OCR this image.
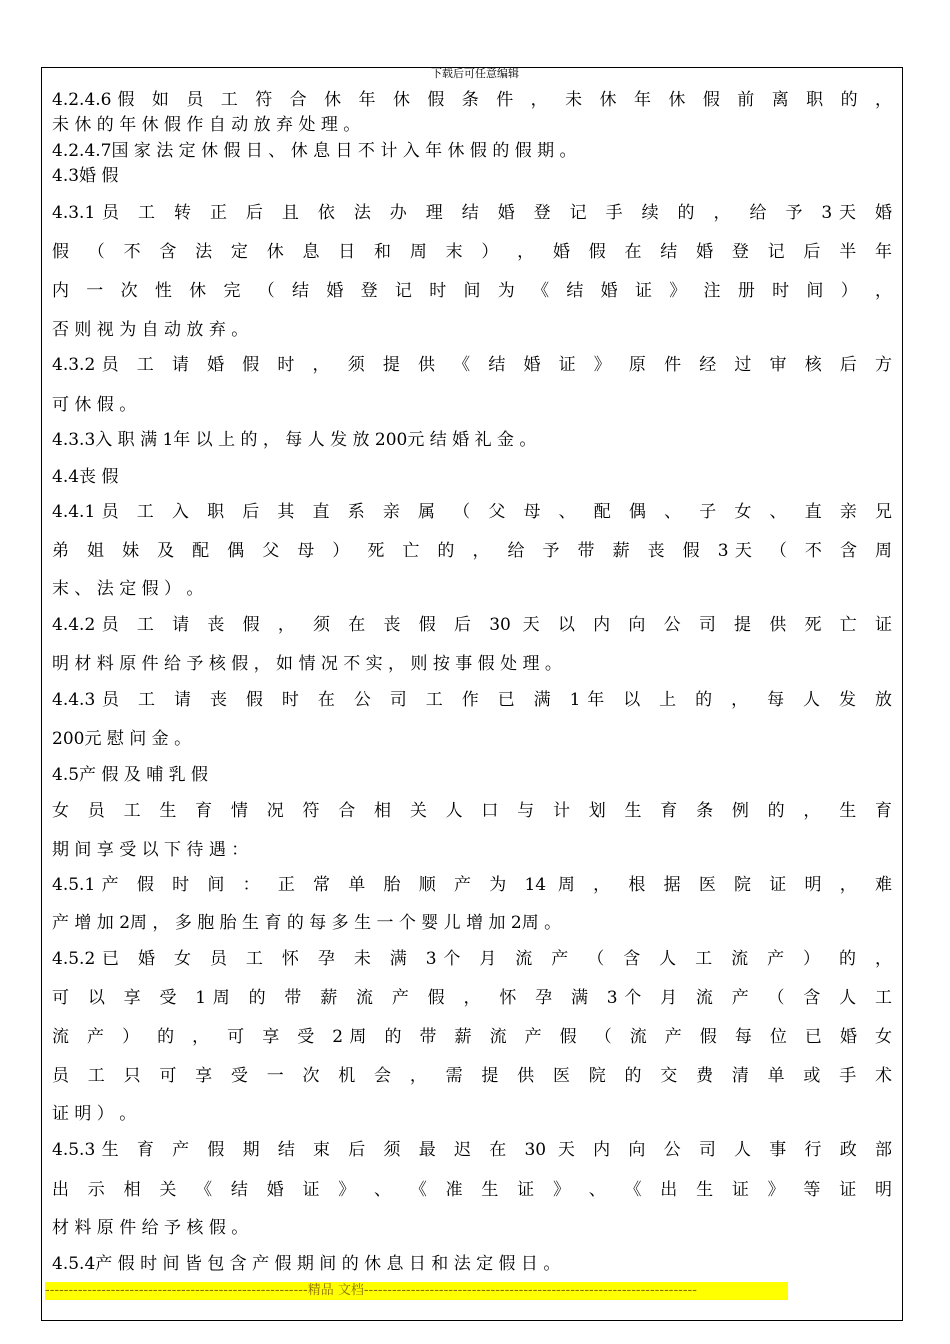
下载后可任意编辑
4.2.4.6假 如 员 工 符 合 休 年 休 假 条 件 ， 未 休 年 休 假 前 离 职 的 ，
未 休 的 年 休 假 作 自 动 放 弃 处 理 。
4.2.4.7国 家 法 定 休 假 日 、 休 息 日 不 计 入 年 休 假 的 假 期 。
4.3婚 假
4.3.1员 工 转 正 后 且 依 法 办 理 结 婚 登 记 手 续 的 ， 给 予 3天 婚
假 （ 不 含 法 定 休 息 日 和 周 末 ） ， 婚 假 在 结 婚 登 记 后 半 年
内 一 次 性 休 完 （ 结 婚 登 记 时 间 为 《 结 婚 证 》 注 册 时 间 ） ，
否 则 视 为 自 动 放 弃 。
4.3.2员 工 请 婚 假 时 ， 须 提 供 《 结 婚 证 》 原 件 经 过 审 核 后 方
可 休 假 。
4.3.3入 职 满 1年 以 上 的 ， 每 人 发 放 200元 结 婚 礼 金 。
4.4丧 假
4.4.1员 工 入 职 后 其 直 系 亲 属 （ 父 母 、 配 偶 、 子 女 、 直 亲 兄
弟 姐 妹 及 配 偶 父 母 ） 死 亡 的 ， 给 予 带 薪 丧 假 3天 （ 不 含 周
末 、 法 定 假 ） 。
4.4.2员 工 请 丧 假 ， 须 在 丧 假 后 30 天 以 内 向 公 司 提 供 死 亡 证
明 材 料 原 件 给 予 核 假 ， 如 情 况 不 实 ， 则 按 事 假 处 理 。
4.4.3员 工 请 丧 假 时 在 公 司 工 作 已 满 1年 以 上 的 ， 每 人 发 放
200元 慰 问 金 。
4.5产 假 及 哺 乳 假
女 员 工 生 育 情 况 符 合 相 关 人 口 与 计 划 生 育 条 例 的 ， 生 育
期 间 享 受 以 下 待 遇 ：
4.5.1产 假 时 间 ： 正 常 单 胎 顺 产 为 14 周 ， 根 据 医 院 证 明 ， 难
产 增 加 2周 ， 多 胞 胎 生 育 的 每 多 生 一 个 婴 儿 增 加 2周 。
4.5.2已 婚 女 员 工 怀 孕 未 满 3个 月 流 产 （ 含 人 工 流 产 ） 的 ，
可 以 享 受 1周 的 带 薪 流 产 假 ， 怀 孕 满 3个 月 流 产 （ 含 人 工
流 产 ） 的 ， 可 享 受 2周 的 带 薪 流 产 假 （ 流 产 假 每 位 已 婚 女
员 工 只 可 享 受 一 次 机 会 ， 需 提 供 医 院 的 交 费 清 单 或 手 术
证 明 ） 。
4.5.3生 育 产 假 期 结 束 后 须 最 迟 在 30 天 内 向 公 司 人 事 行 政 部
出 示 相 关 《 结 婚 证 》 、 《 准 生 证 》 、 《 出 生 证 》 等 证 明
材 料 原 件 给 予 核 假 。
4.5.4产 假 时 间 皆 包 含 产 假 期 间 的 休 息 日 和 法 定 假 日 。
--------------------------------------------------------精品 文档-----------------------------------------------------------------------
